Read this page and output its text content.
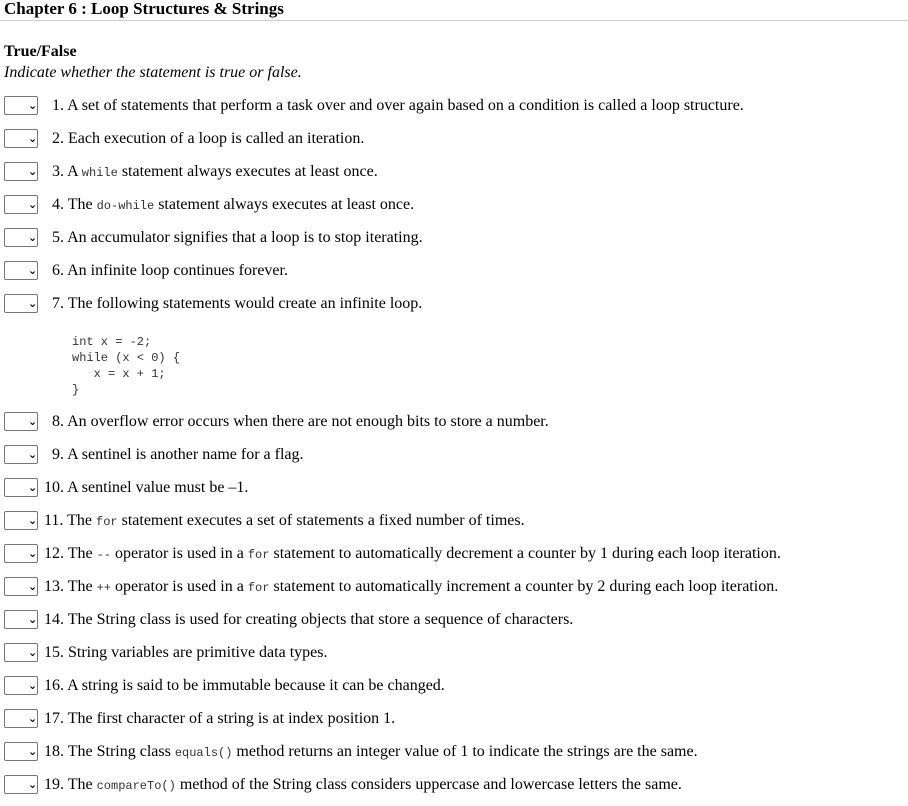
Chapter 6 : Loop Structures & Strings
True/False
Indicate whether the statement is true or false.
⌄ 1. A set of statements that perform a task over and over again based on a condition is called a loop structure.
⌄ 2. Each execution of a loop is called an iteration.
⌄ 3. A while statement always executes at least once.
⌄ 4. The do-while statement always executes at least once.
⌄ 5. An accumulator signifies that a loop is to stop iterating.
⌄ 6. An infinite loop continues forever.
⌄ 7. The following statements would create an infinite loop.
⌄ 8. An overflow error occurs when there are not enough bits to store a number.
⌄ 9. A sentinel is another name for a flag.
⌄ 10. A sentinel value must be –1.
⌄ 11. The for statement executes a set of statements a fixed number of times.
⌄ 12. The -- operator is used in a for statement to automatically decrement a counter by 1 during each loop iteration.
⌄ 13. The ++ operator is used in a for statement to automatically increment a counter by 2 during each loop iteration.
⌄ 14. The String class is used for creating objects that store a sequence of characters.
⌄ 15. String variables are primitive data types.
⌄ 16. A string is said to be immutable because it can be changed.
⌄ 17. The first character of a string is at index position 1.
⌄ 18. The String class equals() method returns an integer value of 1 to indicate the strings are the same.
⌄ 19. The compareTo() method of the String class considers uppercase and lowercase letters the same.
int x = -2;
while (x < 0) {
x = x + 1;
}
